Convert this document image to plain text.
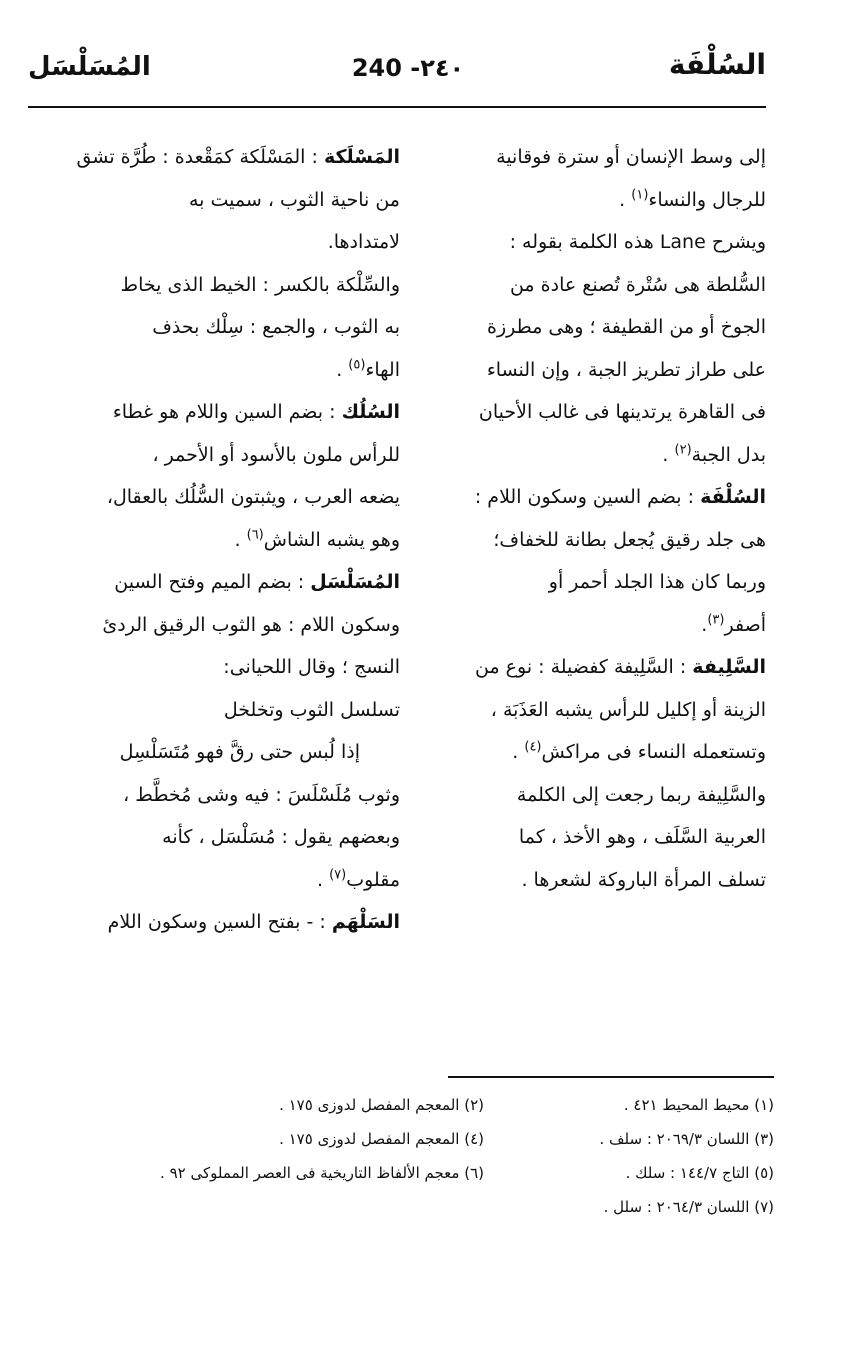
المُسَلْسَل	240 -٢٤٠	السُلْفَة

إلى وسط الإنسان أو سترة فوقانية

للرجال والنساء$^{(١)}$ .

ويشرح Lane هذه الكلمة بقوله :

السُّلطة هى سُتْرة تُصنع عادة من

الجوخ أو من القطيفة ؛ وهى مطرزة

على طراز تطريز الجبة ، وإن النساء

فى القاهرة يرتدينها فى غالب الأحيان

بدل الجبة$^{(٢)}$ .

السُلْفَة : بضم السين وسكون اللام :

هى جلد رقيق يُجعل بطانة للخفاف؛

وربما كان هذا الجلد أحمر أو

أصفر$^{(٣)}$.

السَّلِيفة : السَّلِيفة كفضيلة : نوع من

الزينة أو إكليل للرأس يشبه العَذَبَة ،

وتستعمله النساء فى مراكش$^{(٤)}$ .

والسَّلِيفة ربما رجعت إلى الكلمة

العربية السَّلَف ، وهو الأخذ ، كما

تسلف المرأة الباروكة لشعرها .

المَسْلَكة : المَسْلَكة كمَقْعدة : طُرَّة تشق

من ناحية الثوب ، سميت به

لامتدادها.

والسِّلْكة بالكسر : الخيط الذى يخاط

به الثوب ، والجمع : سِلْك بحذف

الهاء$^{(٥)}$ .

السُلُك : بضم السين واللام هو غطاء

للرأس ملون بالأسود أو الأحمر ،

يضعه العرب ، ويثبتون السُّلُك بالعقال،

وهو يشبه الشاش$^{(٦)}$ .

المُسَلْسَل : بضم الميم وفتح السين

وسكون اللام : هو الثوب الرقيق الردئ

النسج ؛ وقال اللحيانى:

تسلسل الثوب وتخلخل

إذا لُبس حتى رقَّ فهو مُتَسَلْسِل

وثوب مُلَسْلَسَ : فيه وشى مُخطَّط ،

وبعضهم يقول : مُسَلْسَل ، كأنه

مقلوب$^{(٧)}$ .

السَلْهَم : - بفتح السين وسكون اللام

(١) محيط المحيط ٤٢١ .
(٢) المعجم المفصل لدوزى ١٧٥ .
(٣) اللسان ٢٠٦٩/٣ : سلف .
(٤) المعجم المفصل لدوزى ١٧٥ .
(٥) التاج ١٤٤/٧ : سلك .
(٦) معجم الألفاظ التاريخية فى العصر المملوكى ٩٢ .
(٧) اللسان ٢٠٦٤/٣ : سلل .
